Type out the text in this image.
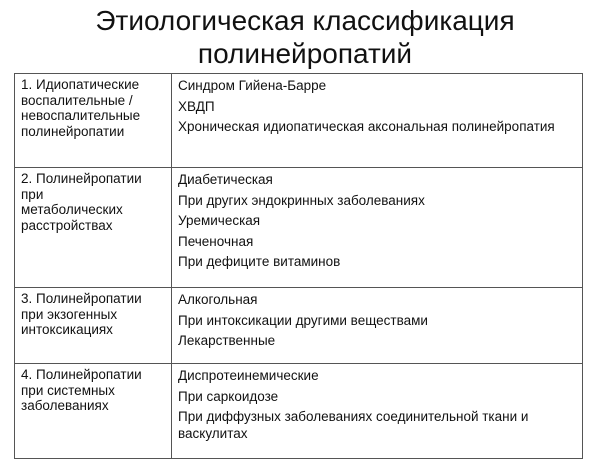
Этиологическая классификация
полинейропатий
1. Идиопатические
воспалительные /
невоспалительные
полинейропатии	Синдром Гийена-Барре
ХВДП
Хроническая идиопатическая аксональная полинейропатия

2. Полинейропатии
при
метаболических
расстройствах	Диабетическая
При других эндокринных заболеваниях
Уремическая
Печеночная
При дефиците витаминов

3. Полинейропатии
при экзогенных
интоксикациях	Алкогольная
При интоксикации другими веществами
Лекарственные

4. Полинейропатии
при системных
заболеваниях	Диспротеинемические
При саркоидозе
При диффузных заболеваниях соединительной ткани и васкулитах
